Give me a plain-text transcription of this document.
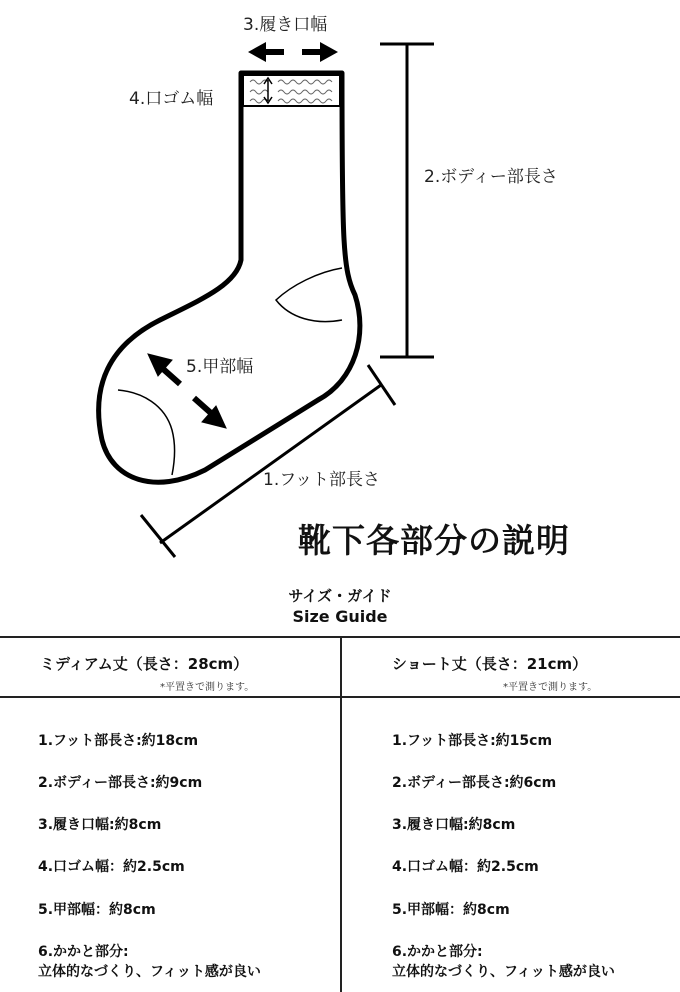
3.履き口幅
4.口ゴム幅
2.ボディー部長さ
5.甲部幅
1.フット部長さ
靴下各部分の説明
サイズ・ガイド
Size Guide
ミディアム丈（長さ：28cm）
*平置きで測ります。
1.フット部長さ:約18cm
2.ボディー部長さ:約9cm
3.履き口幅:約8cm
4.口ゴム幅：約2.5cm
5.甲部幅：約8cm
6.かかと部分:
立体的なづくり、フィット感が良い
ショート丈（長さ：21cm）
*平置きで測ります。
1.フット部長さ:約15cm
2.ボディー部長さ:約6cm
3.履き口幅:約8cm
4.口ゴム幅：約2.5cm
5.甲部幅：約8cm
6.かかと部分:
立体的なづくり、フィット感が良い
